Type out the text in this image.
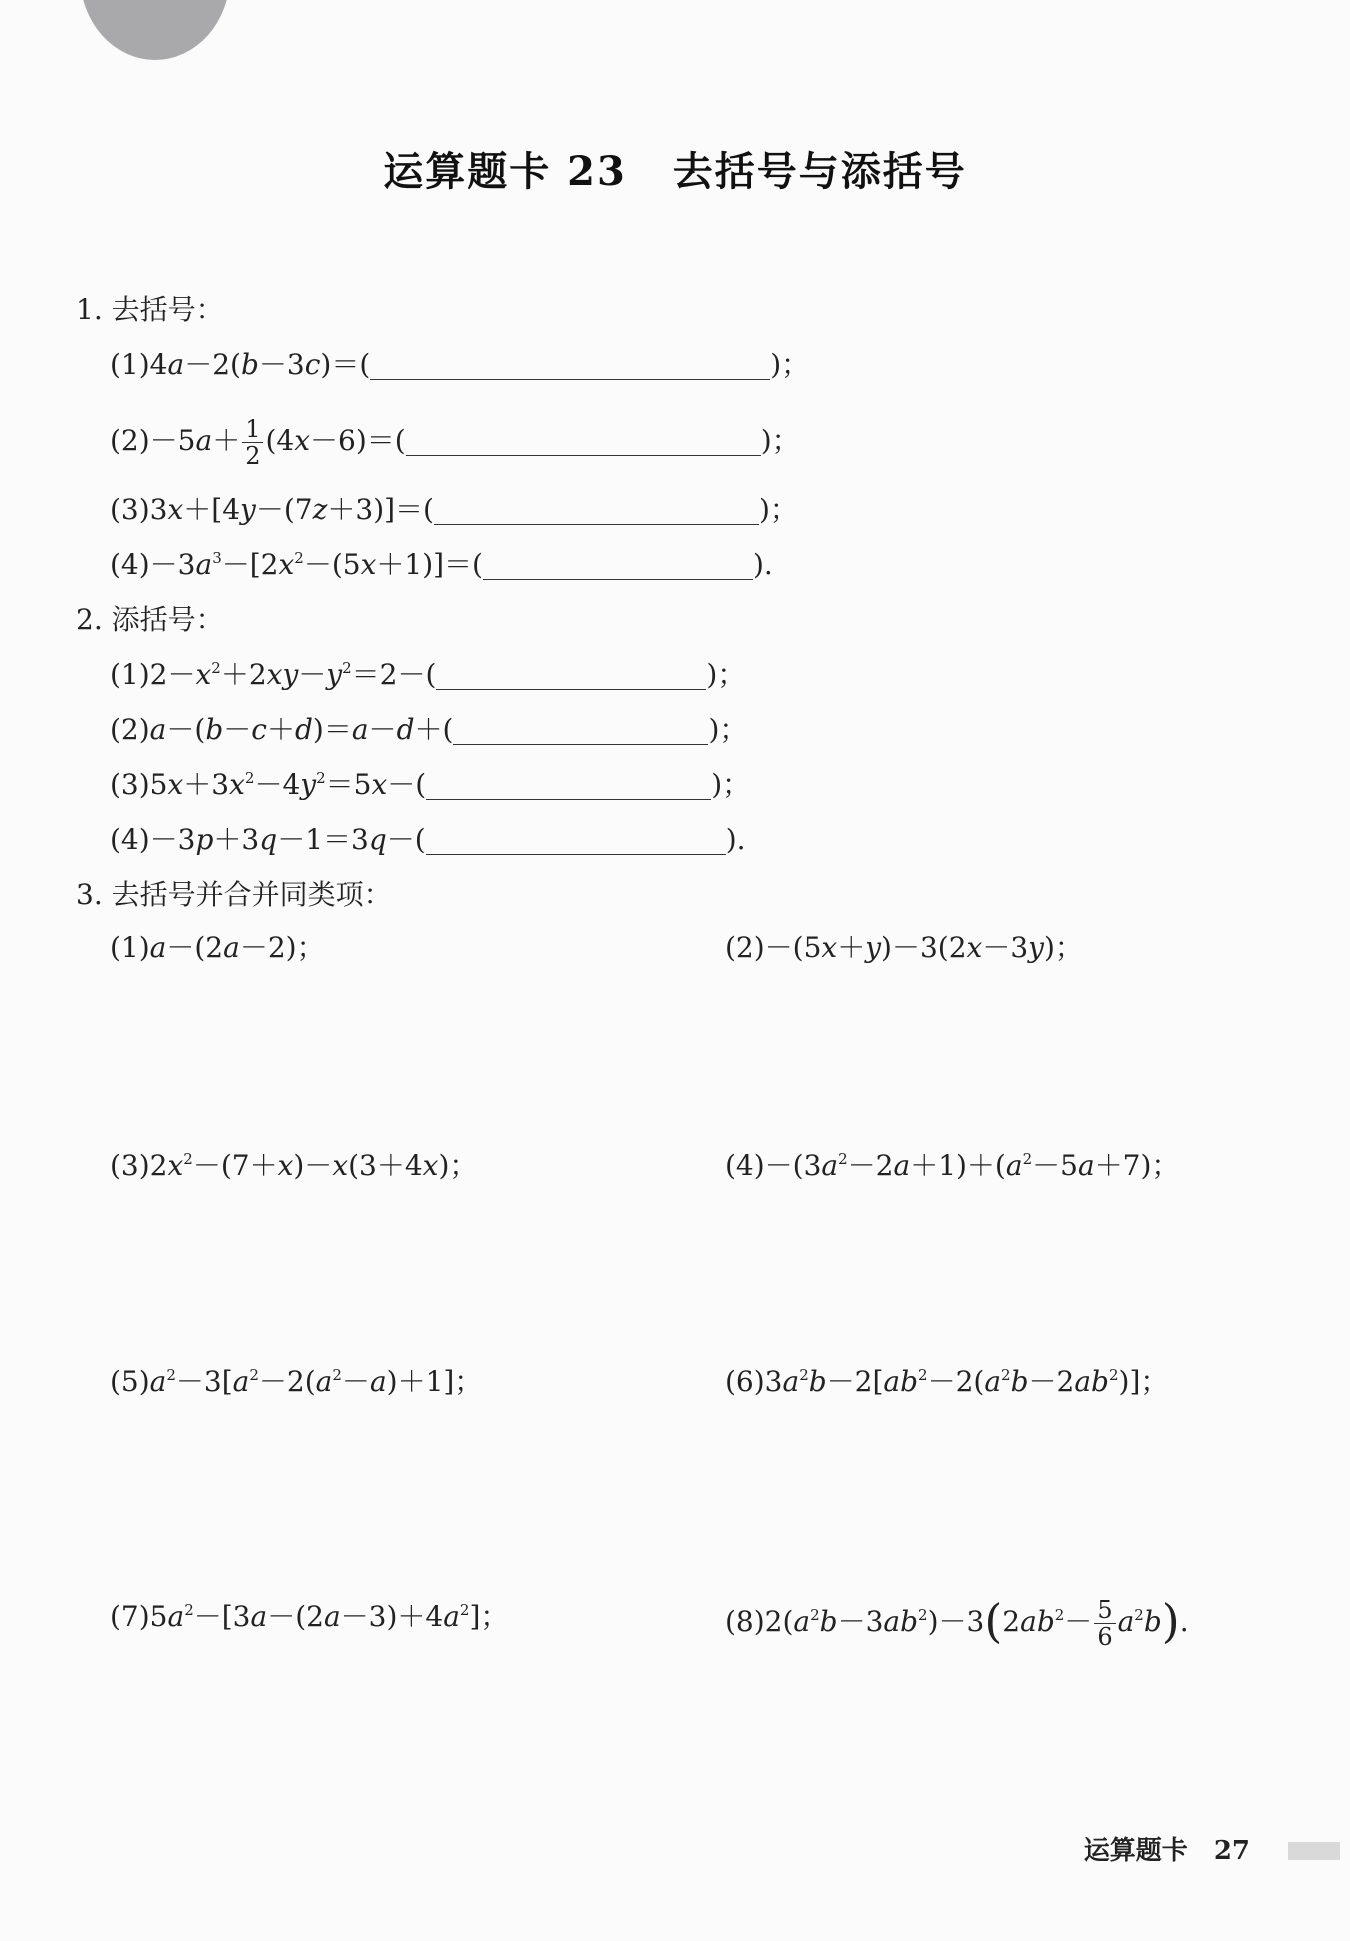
运算题卡 23 去括号与添括号
1. 去括号：
(1)4a－2(b－3c)＝(	)；
$(2)-5a+ \frac{1}{2} (4x-6)=$(	)；
(3)3x＋[4y－(7z＋3)]＝(	)；
$(4)-3a^3-[2x^2-(5x+1)]=$(	).
2. 添括号：
$(1)2-x^2+2xy-y^2=2-$(	)；
(2)a－(b－c＋d)＝a－d＋(	)；
$(3)5x+3x^2-4y^2=5x-$(	)；
(4)－3p＋3q－1＝3q－(	).
3. 去括号并合并同类项：
(1)a－(2a－2)；	(2)－(5x＋y)－3(2x－3y)；
$(3)2x^2-(7+x)-x(3+4x)$；	$(4)-(3a^2-2a+1)+(a^2-5a+7)$；
$(5)a^2-3[a^2-2(a^2-a)+1]$；	$(6)3a^2b-2[ab^2-2(a^2b-2ab^2)]$；
$(7)5a^2-[3a-(2a-3)+4a^2]$；	$(8)2(a^2b-3ab^2)-3(2ab^2- \frac{5}{6} a^2b)$.
运算题卡 27
